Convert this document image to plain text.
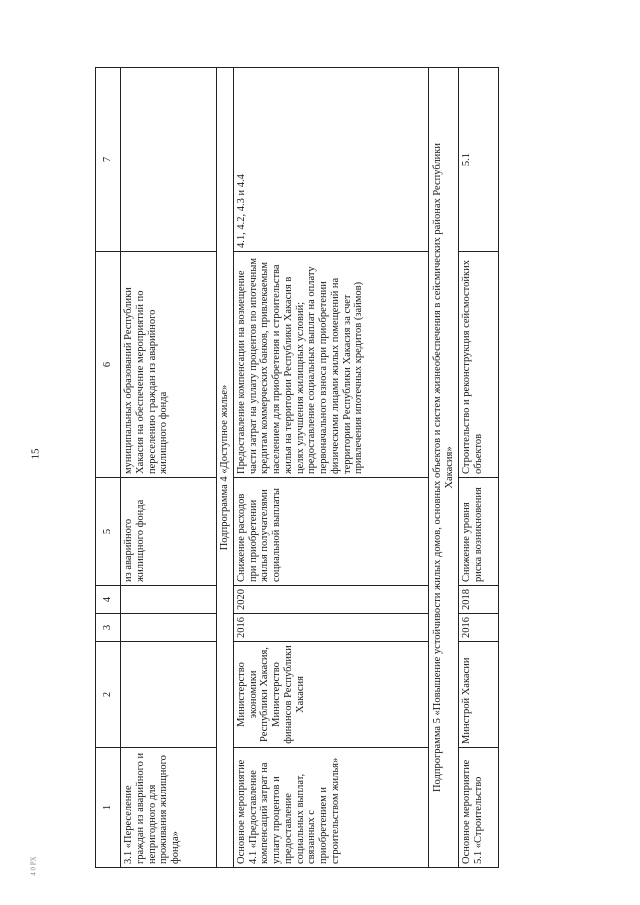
15
4 0 PX
1	2	3	4	5	6	7
3.1 «Переселение граждан из аварийного и непригодного для проживания жилищного фонда»				из аварийного жилищного фонда	муниципальных образований Республики Хакасия на обеспечение мероприятий по переселению граждан из аварийного жилищного фонда	
Подпрограмма 4 «Доступное жилье»						
Основное мероприятие 4.1 «Предоставление компенсаций затрат на уплату процентов и предоставление социальных выплат, связанных с приобретением и строительством жилья»	Министерство экономики Республики Хакасия, Министерство финансов Республики Хакасия	2016	2020	Снижение расходов при приобретении жилья получателями социальной выплаты	Предоставление компенсации на возмещение части затрат на уплату процентов по ипотечным кредитам коммерческих банков, привлекаемым населением для приобретения и строительства жилья на территории Республики Хакасия в целях улучшения жилищных условий; предоставление социальных выплат на оплату первоначального взноса при приобретении физическими лицами жилых помещений на территории Республики Хакасия за счет привлечения ипотечных кредитов (займов)	4.1, 4.2, 4.3 и 4.4
Подпрограмма 5 «Повышение устойчивости жилых домов, основных объектов и систем жизнеобеспечения в сейсмических районах Республики Хакасия»						
Основное мероприятие 5.1 «Строительство	Минстрой Хакасии	2016	2018	Снижение уровня риска возникновения	Строительство и реконструкция сейсмостойких объектов	5.1
